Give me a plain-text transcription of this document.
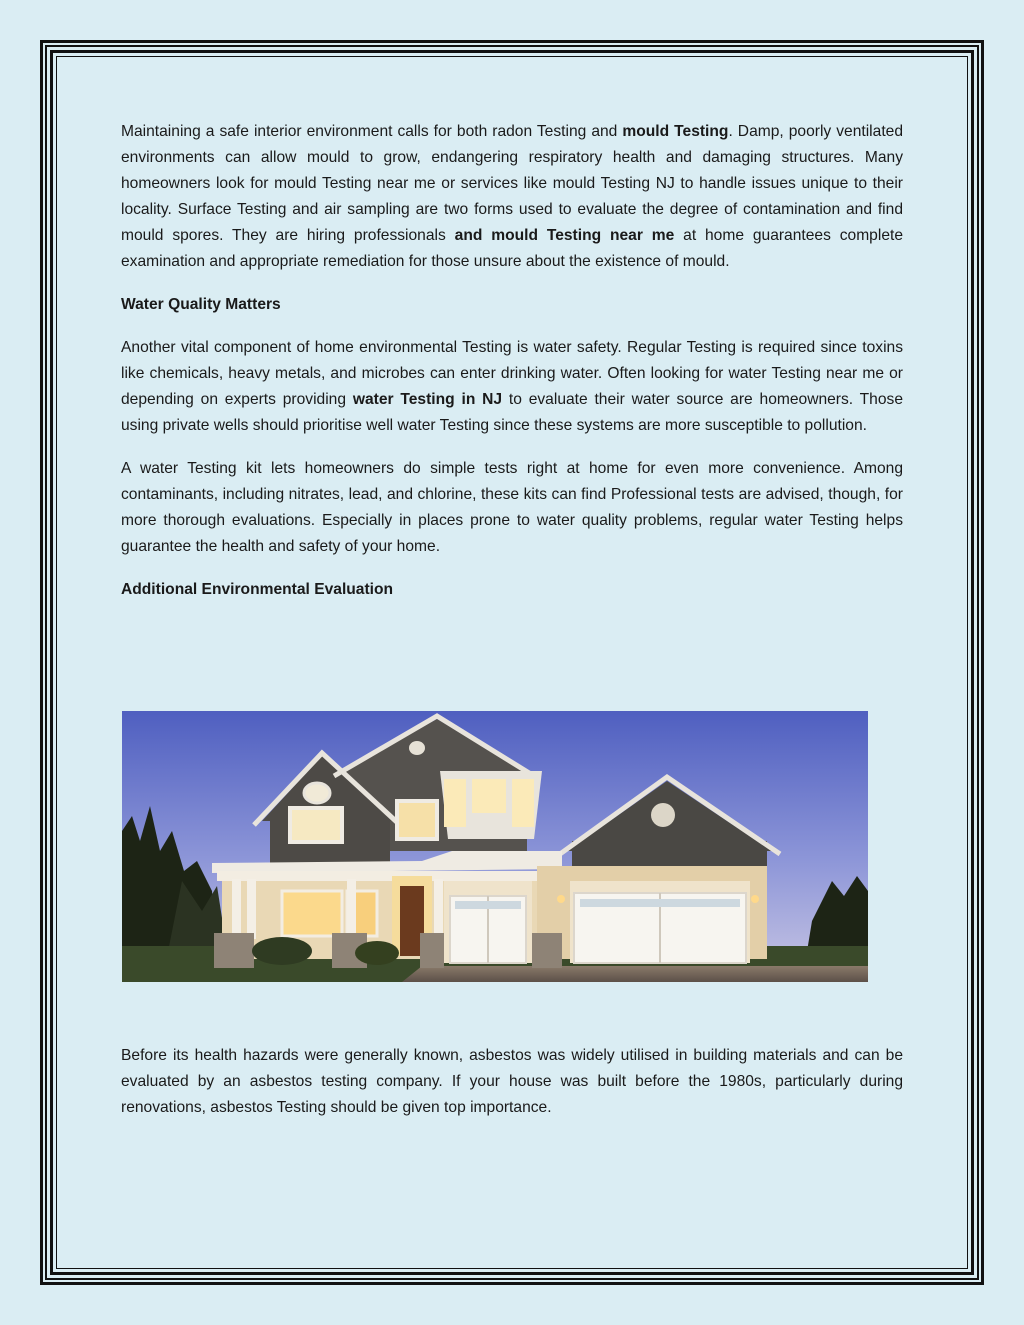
Maintaining a safe interior environment calls for both radon Testing and mould Testing. Damp, poorly ventilated environments can allow mould to grow, endangering respiratory health and damaging structures. Many homeowners look for mould Testing near me or services like mould Testing NJ to handle issues unique to their locality. Surface Testing and air sampling are two forms used to evaluate the degree of contamination and find mould spores. They are hiring professionals and mould Testing near me at home guarantees complete examination and appropriate remediation for those unsure about the existence of mould.

Water Quality Matters

Another vital component of home environmental Testing is water safety. Regular Testing is required since toxins like chemicals, heavy metals, and microbes can enter drinking water. Often looking for water Testing near me or depending on experts providing water Testing in NJ to evaluate their water source are homeowners. Those using private wells should prioritise well water Testing since these systems are more susceptible to pollution.

A water Testing kit lets homeowners do simple tests right at home for even more convenience. Among contaminants, including nitrates, lead, and chlorine, these kits can find Professional tests are advised, though, for more thorough evaluations. Especially in places prone to water quality problems, regular water Testing helps guarantee the health and safety of your home.

Additional Environmental Evaluation

Before its health hazards were generally known, asbestos was widely utilised in building materials and can be evaluated by an asbestos testing company. If your house was built before the 1980s, particularly during renovations, asbestos Testing should be given top importance.
